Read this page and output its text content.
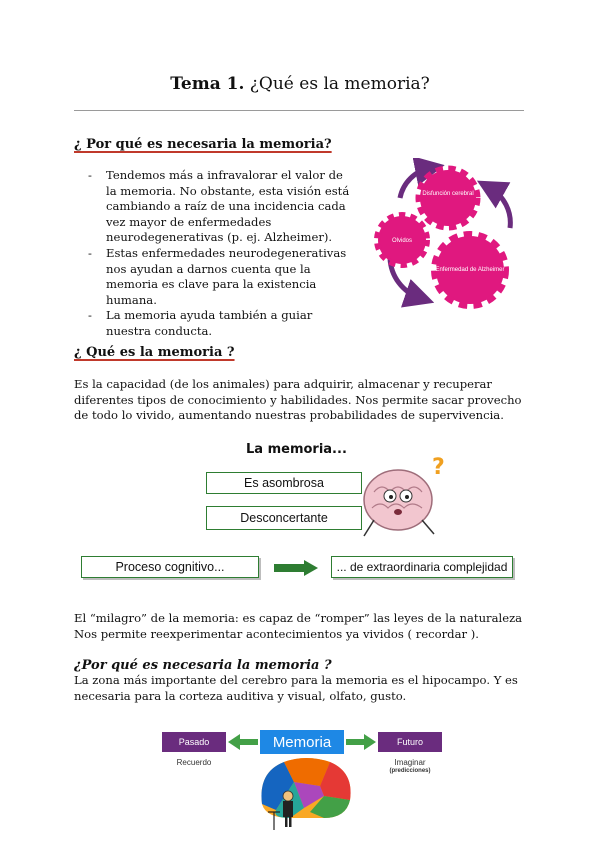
Tema 1. ¿Qué es la memoria?
¿ Por qué es necesaria la memoria?
- Tendemos más a infravalorar el valor de la memoria. No obstante, esta visión está cambiando a raíz de una incidencia cada vez mayor de enfermedades neurodegenerativas (p. ej. Alzheimer).
- Estas enfermedades neurodegenerativas nos ayudan a darnos cuenta que la memoria es clave para la existencia humana.
- La memoria ayuda también a guiar nuestra conducta.
Disfunción cerebral
Olvidos
Enfermedad de Alzheimer
¿ Qué es la memoria ?
Es la capacidad (de los animales) para adquirir, almacenar y recuperar diferentes tipos de conocimiento y habilidades. Nos permite sacar provecho de todo lo vivido, aumentando nuestras probabilidades de supervivencia.
La memoria...
Es asombrosa
Desconcertante
?
Proceso cognitivo...	... de extraordinaria complejidad
El “milagro” de la memoria: es capaz de “romper” las leyes de la naturaleza Nos permite reexperimentar acontecimientos ya vividos ( recordar ).
¿Por qué es necesaria la memoria ?
La zona más importante del cerebro para la memoria es el hipocampo. Y es necesaria para la corteza auditiva y visual, olfato, gusto.
Pasado	Memoria	Futuro
Recuerdo	Imaginar
(predicciones)
